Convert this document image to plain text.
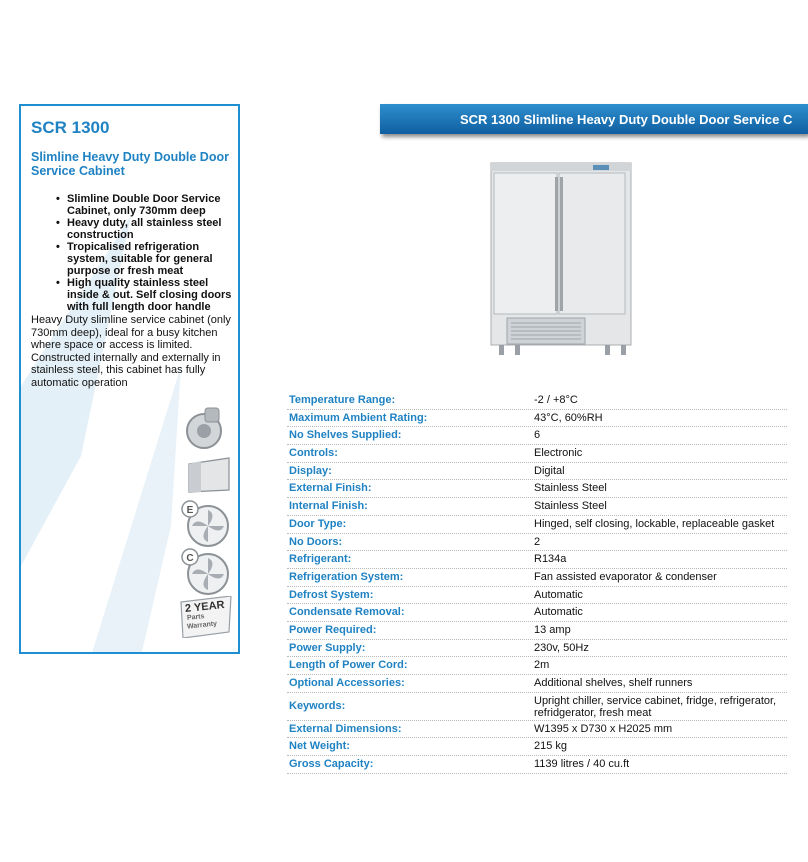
SCR 1300
Slimline Heavy Duty Double Door Service Cabinet
• Slimline Double Door Service Cabinet, only 730mm deep
• Heavy duty, all stainless steel construction
• Tropicalised refrigeration system, suitable for general purpose or fresh meat
• High quality stainless steel inside & out. Self closing doors with full length door handle
Heavy Duty slimline service cabinet (only 730mm deep), ideal for a busy kitchen where space or access is limited. Constructed internally and externally in stainless steel, this cabinet has fully automatic operation
E
C
2 YEAR
Parts
Warranty
SCR 1300 Slimline Heavy Duty Double Door Service C
Temperature Range:	-2 / +8°C
Maximum Ambient Rating:	43°C, 60%RH
No Shelves Supplied:	6
Controls:	Electronic
Display:	Digital
External Finish:	Stainless Steel
Internal Finish:	Stainless Steel
Door Type:	Hinged, self closing, lockable, replaceable gasket
No Doors:	2
Refrigerant:	R134a
Refrigeration System:	Fan assisted evaporator & condenser
Defrost System:	Automatic
Condensate Removal:	Automatic
Power Required:	13 amp
Power Supply:	230v, 50Hz
Length of Power Cord:	2m
Optional Accessories:	Additional shelves, shelf runners
Keywords:	Upright chiller, service cabinet, fridge, refrigerator, refridgerator, fresh meat
External Dimensions:	W1395 x D730 x H2025 mm
Net Weight:	215 kg
Gross Capacity:	1139 litres / 40 cu.ft
